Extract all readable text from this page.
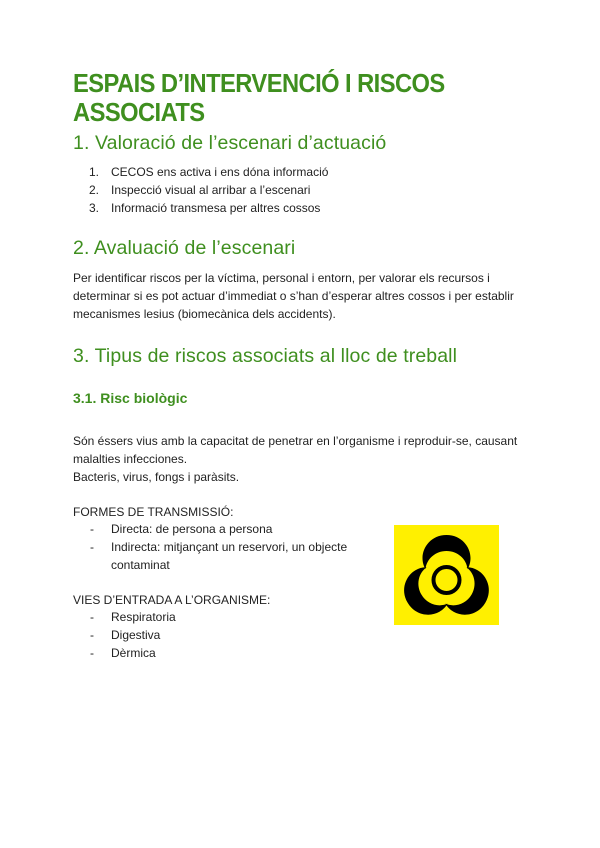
ESPAIS D’INTERVENCIÓ I RISCOS ASSOCIATS
1. Valoració de l’escenari d’actuació
1. CECOS ens activa i ens dóna informació
2. Inspecció visual al arribar a l’escenari
3. Informació transmesa per altres cossos
2. Avaluació de l’escenari

Per identificar riscos per la víctima, personal i entorn, per valorar els recursos i determinar si es pot actuar d’immediat o s’han d’esperar altres cossos i per establir mecanismes lesius (biomecànica dels accidents).

3. Tipus de riscos associats al lloc de treball
3.1. Risc biològic

Són éssers vius amb la capacitat de penetrar en l’organisme i reproduir-se, causant malalties infecciones.

Bacteris, virus, fongs i paràsits.

FORMES DE TRANSMISSIÓ:

- Directa: de persona a persona
- Indirecta: mitjançant un reservori, un objecte contaminat

VIES D’ENTRADA A L’ORGANISME:

- Respiratoria
- Digestiva
- Dèrmica
